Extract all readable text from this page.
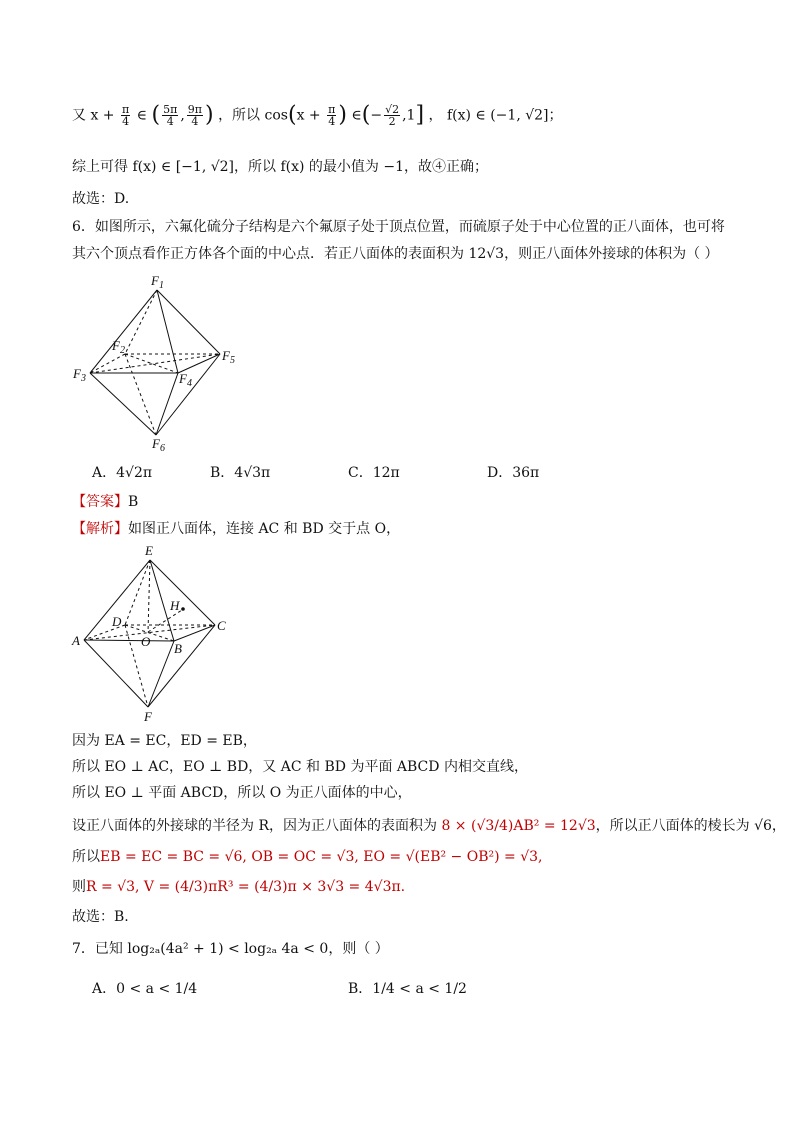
又 $x + \frac{\pi}{4}$ ∈ ( $\frac{5\pi}{4}$ , $\frac{9\pi}{4}$ ) ，所以 $\cos(x + \frac{\pi}{4}$ ) ∈(− $\frac{√2}{2} ,1$] ， f(x) ∈ (−1, √2]；
综上可得 f(x) ∈ [−1, √2]，所以 f(x) 的最小值为 −1，故④正确；
故选：D.
6．如图所示，六氟化硫分子结构是六个氟原子处于顶点位置，而硫原子处于中心位置的正八面体，也可将
其六个顶点看作正方体各个面的中心点．若正八面体的表面积为 12√3，则正八面体外接球的体积为（ ）
$F_1$
$F_2$
$F_3$	$F_4$
$F_5$
$F_6$
A．4√2π	B．4√3π	C．12π	D．36π
【答案】B
【解析】如图正八面体，连接 AC 和 BD 交于点 O，
E
H
D
O
C
A
B
F
因为 EA = EC，ED = EB，
所以 EO ⊥ AC，EO ⊥ BD，又 AC 和 BD 为平面 ABCD 内相交直线，
所以 EO ⊥ 平面 ABCD，所以 O 为正八面体的中心，
设正八面体的外接球的半径为 R，因为正八面体的表面积为 8 × (√3/4)AB² = 12√3，所以正八面体的棱长为 √6，
所以EB = EC = BC = √6, OB = OC = √3, EO = √(EB² − OB²) = √3,
则R = √3, V = (4/3)πR³ = (4/3)π × 3√3 = 4√3π.
故选：B.
7．已知 log₂ₐ(4a² + 1) < log₂ₐ 4a < 0，则（ ）
A．0 < a < 1/4	B．1/4 < a < 1/2
